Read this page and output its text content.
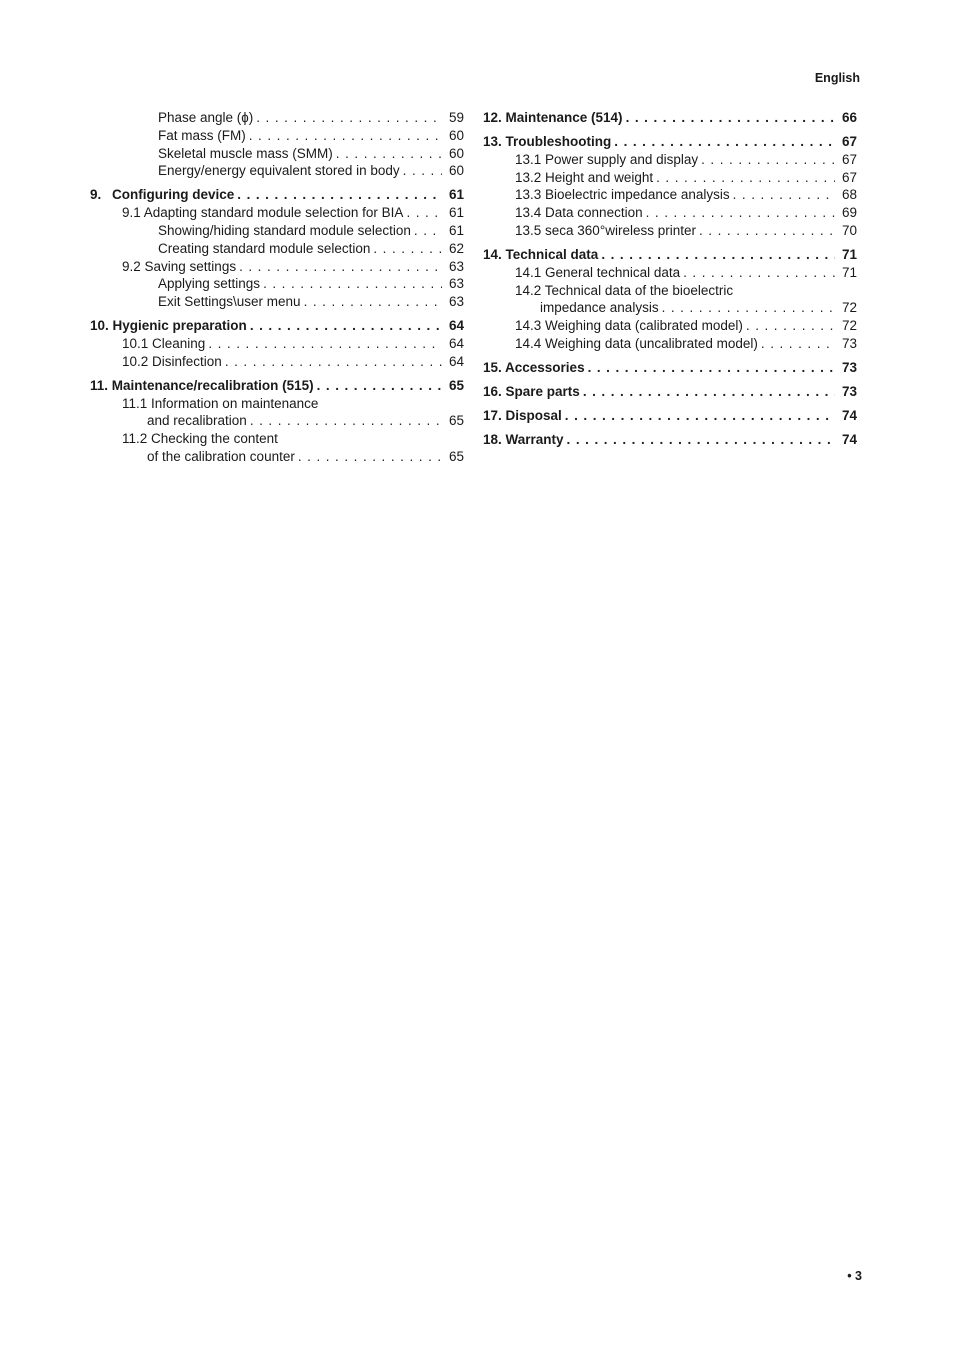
English
Phase angle (ɸ) . . .	59
Fat mass (FM) . . .	60
Skeletal muscle mass (SMM) . . .	60
Energy/energy equivalent stored in body . . .	60
9. Configuring device . . .	61
9.1 Adapting standard module selection for BIA . . .	61
Showing/hiding standard module selection . . .	61
Creating standard module selection . . .	62
9.2 Saving settings . . .	63
Applying settings . . .	63
Exit Settings\user menu . . .	63
10. Hygienic preparation . . .	64
10.1 Cleaning . . .	64
10.2 Disinfection . . .	64
11. Maintenance/recalibration (515) . . .	65
11.1 Information on maintenance
and recalibration . . .	65
11.2 Checking the content
of the calibration counter . . .	65
12. Maintenance (514) . . .	66
13. Troubleshooting . . .	67
13.1 Power supply and display . . .	67
13.2 Height and weight . . .	67
13.3 Bioelectric impedance analysis . . .	68
13.4 Data connection . . .	69
13.5 seca 360°wireless printer . . .	70
14. Technical data . . .	71
14.1 General technical data . . .	71
14.2 Technical data of the bioelectric
impedance analysis . . .	72
14.3 Weighing data (calibrated model) . . .	72
14.4 Weighing data (uncalibrated model) . . .	73
15. Accessories . . .	73
16. Spare parts . . .	73
17. Disposal . . .	74
18. Warranty . . .	74
• 3
